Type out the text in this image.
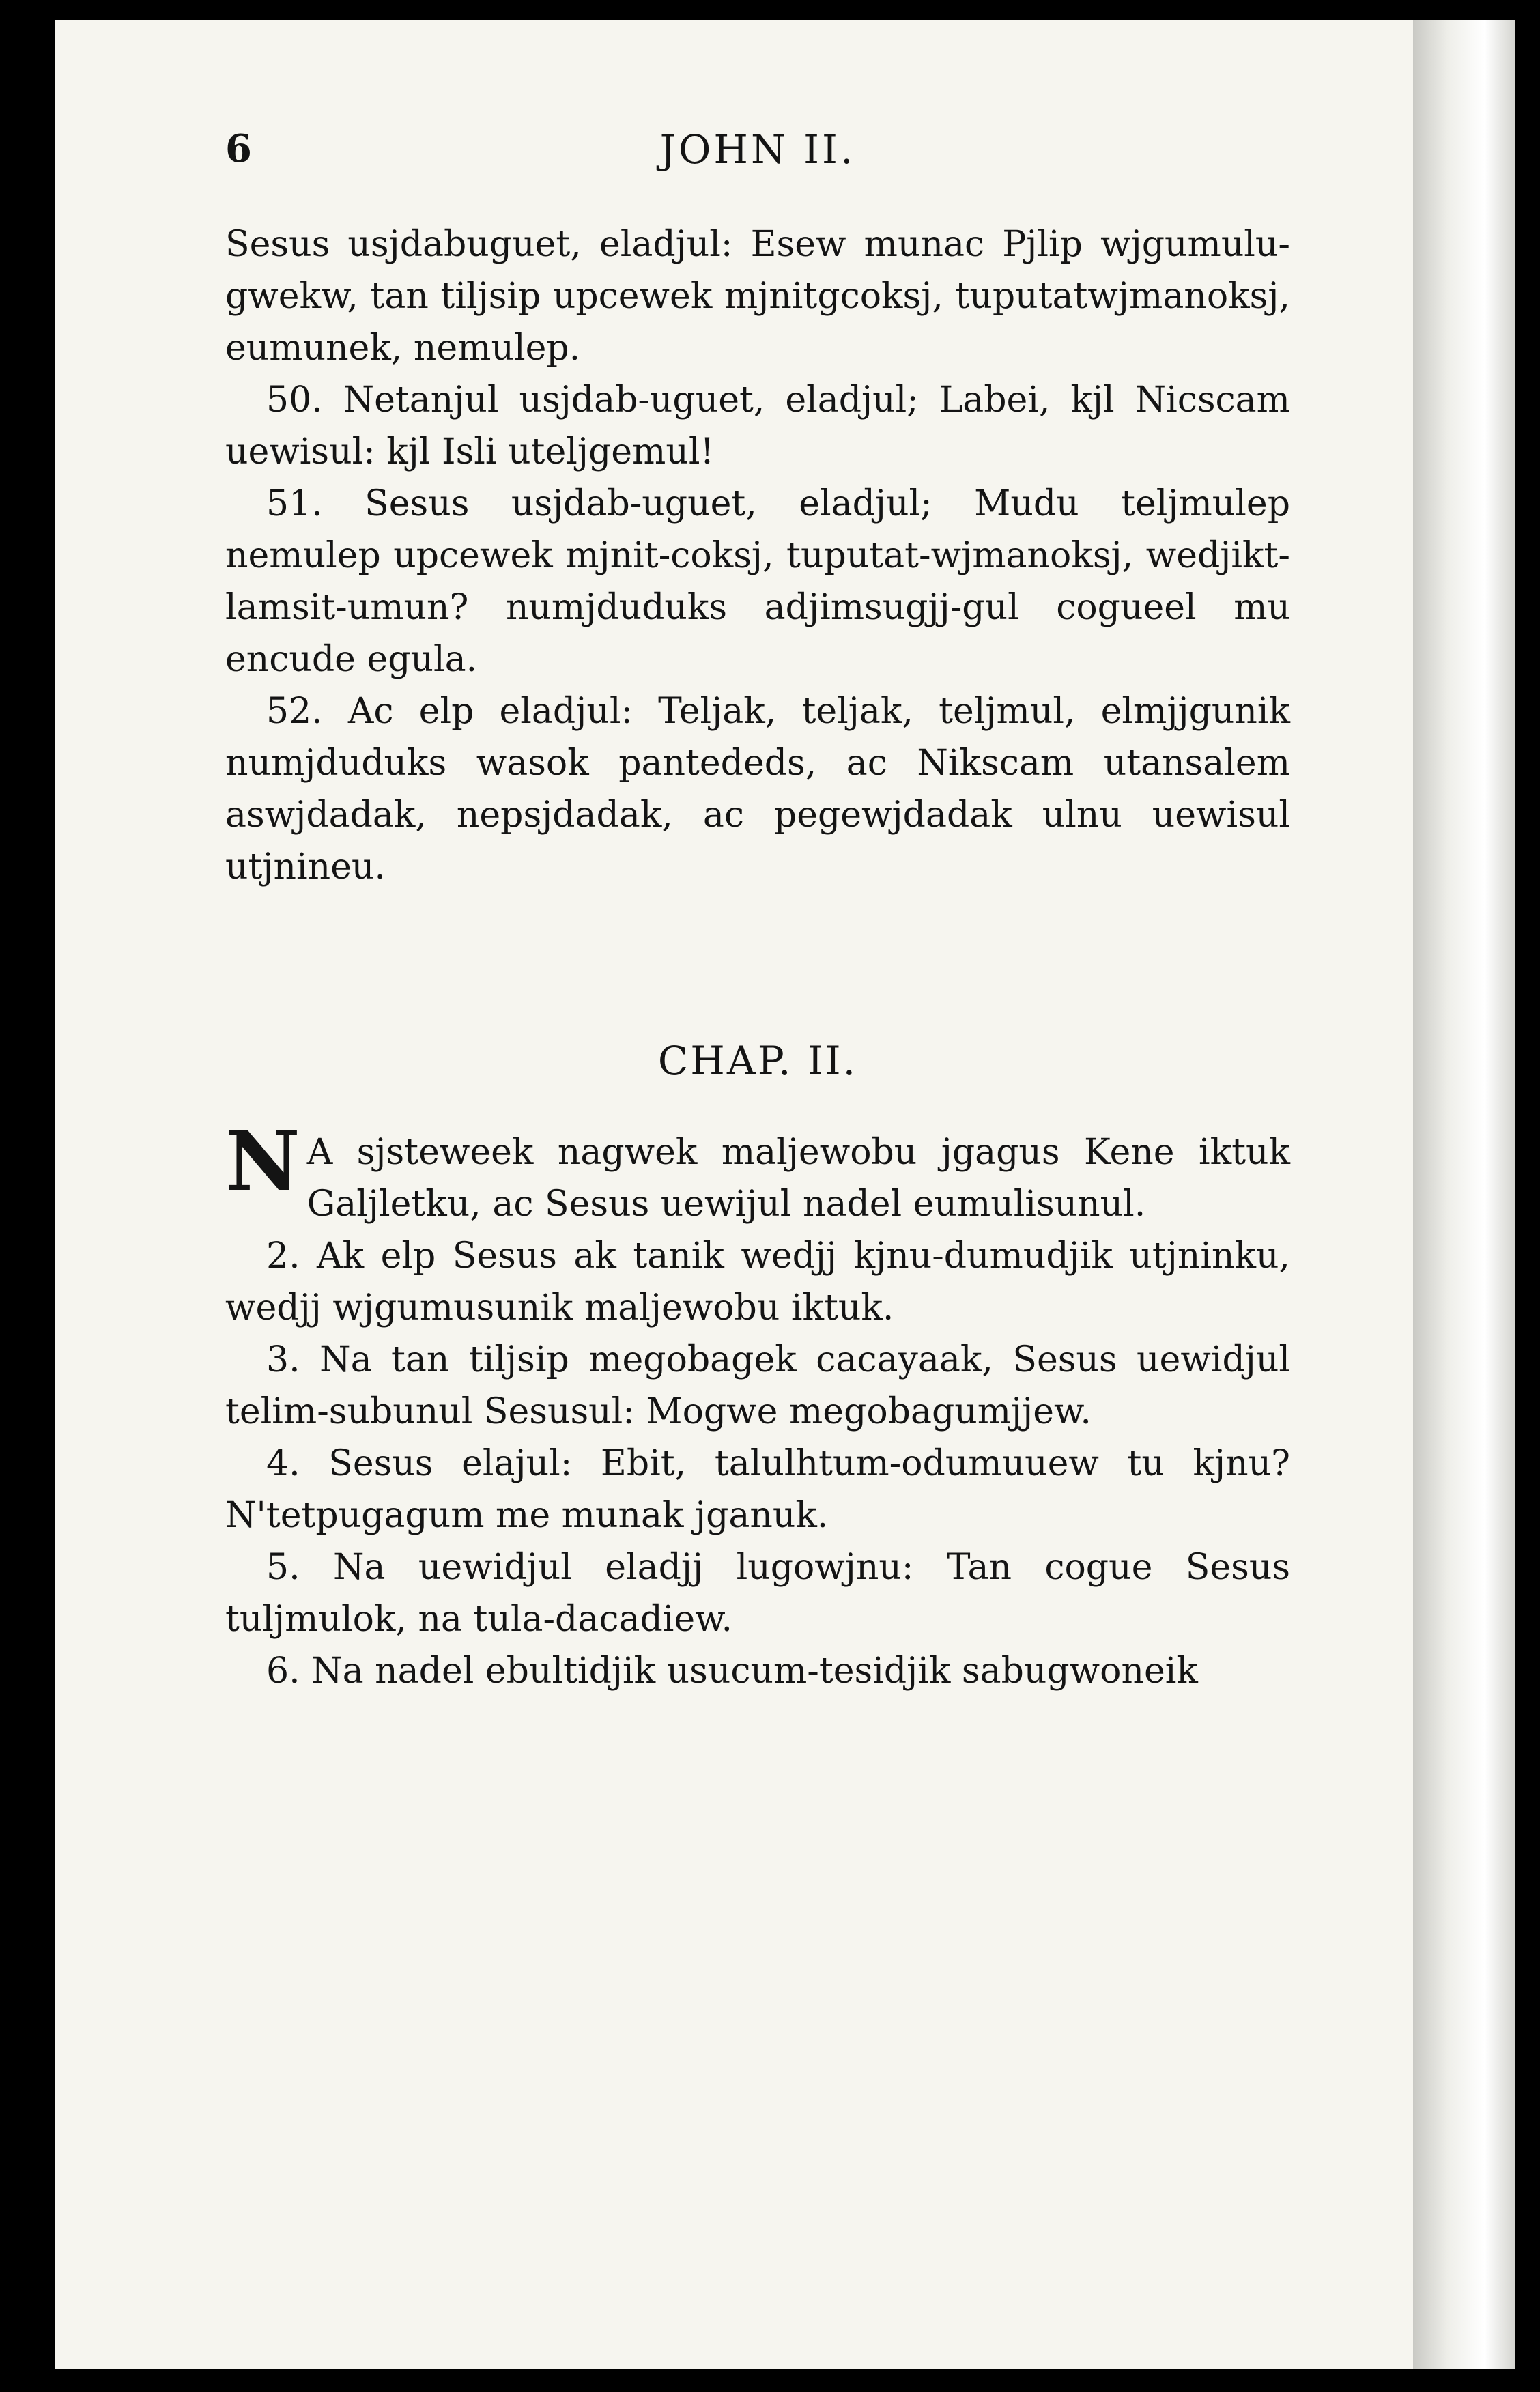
6	JOHN II.

Sesus usjdabuguet, eladjul: Esew munac Pjlip wjgumulu-gwekw, tan tiljsip upcewek mjnitgcoksj, tuputatwjmanoksj, eumunek, nemulep.

50. Netanjul usjdab-uguet, eladjul; Labei, kjl Nicscam uewisul: kjl Isli uteljgemul!

51. Sesus usjdab-uguet, eladjul; Mudu teljmulep nemulep upcewek mjnit-coksj, tuputat-wjmanoksj, wedjikt-lamsit-umun? numjduduks adjimsugjj-gul cogueel mu encude egula.

52. Ac elp eladjul: Teljak, teljak, teljmul, elmjjgunik numjduduks wasok pantededs, ac Nikscam utansalem aswjdadak, nepsjdadak, ac pegewjdadak ulnu uewisul utjnineu.

CHAP. II.

N A sjsteweek nagwek maljewobu jgagus Kene iktuk Galjletku, ac Sesus uewijul nadel eumulisunul.

2. Ak elp Sesus ak tanik wedjj kjnu-dumudjik utjninku, wedjj wjgumusunik maljewobu iktuk.

3. Na tan tiljsip megobagek cacayaak, Sesus uewidjul telim-subunul Sesusul: Mogwe megobagumjjew.

4. Sesus elajul: Ebit, talulhtum-odumuuew tu kjnu? N'tetpugagum me munak jganuk.

5. Na uewidjul eladjj lugowjnu: Tan cogue Sesus tuljmulok, na tula-dacadiew.

6. Na nadel ebultidjik usucum-tesidjik sabugwoneik
